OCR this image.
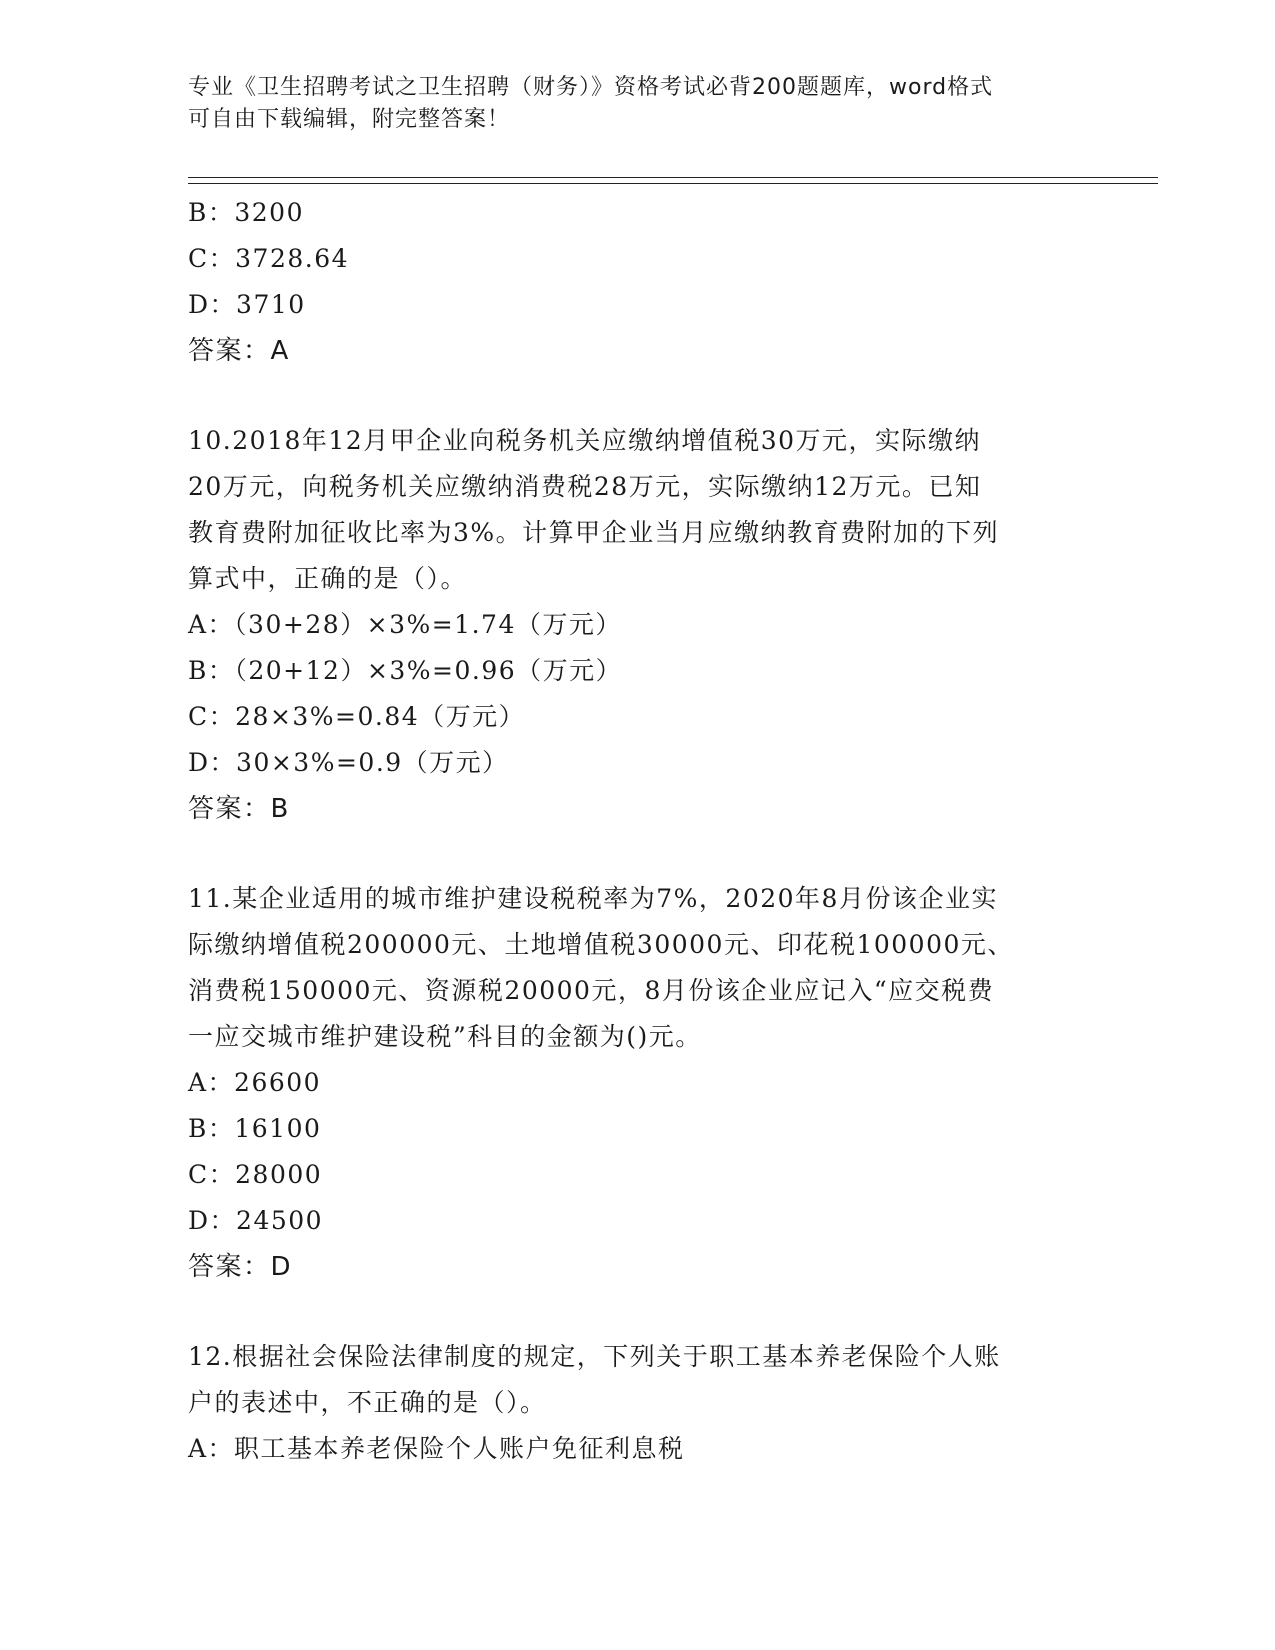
专业《卫生招聘考试之卫生招聘（财务）》资格考试必背200题题库，word格式
可自由下载编辑，附完整答案！
B：3200
C：3728.64
D：3710
答案：A
10.2018年12月甲企业向税务机关应缴纳增值税30万元，实际缴纳
20万元，向税务机关应缴纳消费税28万元，实际缴纳12万元。已知
教育费附加征收比率为3%。计算甲企业当月应缴纳教育费附加的下列
算式中，正确的是（）。
A：（30+28）×3%=1.74（万元）
B：（20+12）×3%=0.96（万元）
C：28×3%=0.84（万元）
D：30×3%=0.9（万元）
答案：B
11.某企业适用的城市维护建设税税率为7%，2020年8月份该企业实
际缴纳增值税200000元、土地增值税30000元、印花税100000元、
消费税150000元、资源税20000元，8月份该企业应记入“应交税费
一应交城市维护建设税”科目的金额为()元。
A：26600
B：16100
C：28000
D：24500
答案：D
12.根据社会保险法律制度的规定，下列关于职工基本养老保险个人账
户的表述中，不正确的是（）。
A：职工基本养老保险个人账户免征利息税
